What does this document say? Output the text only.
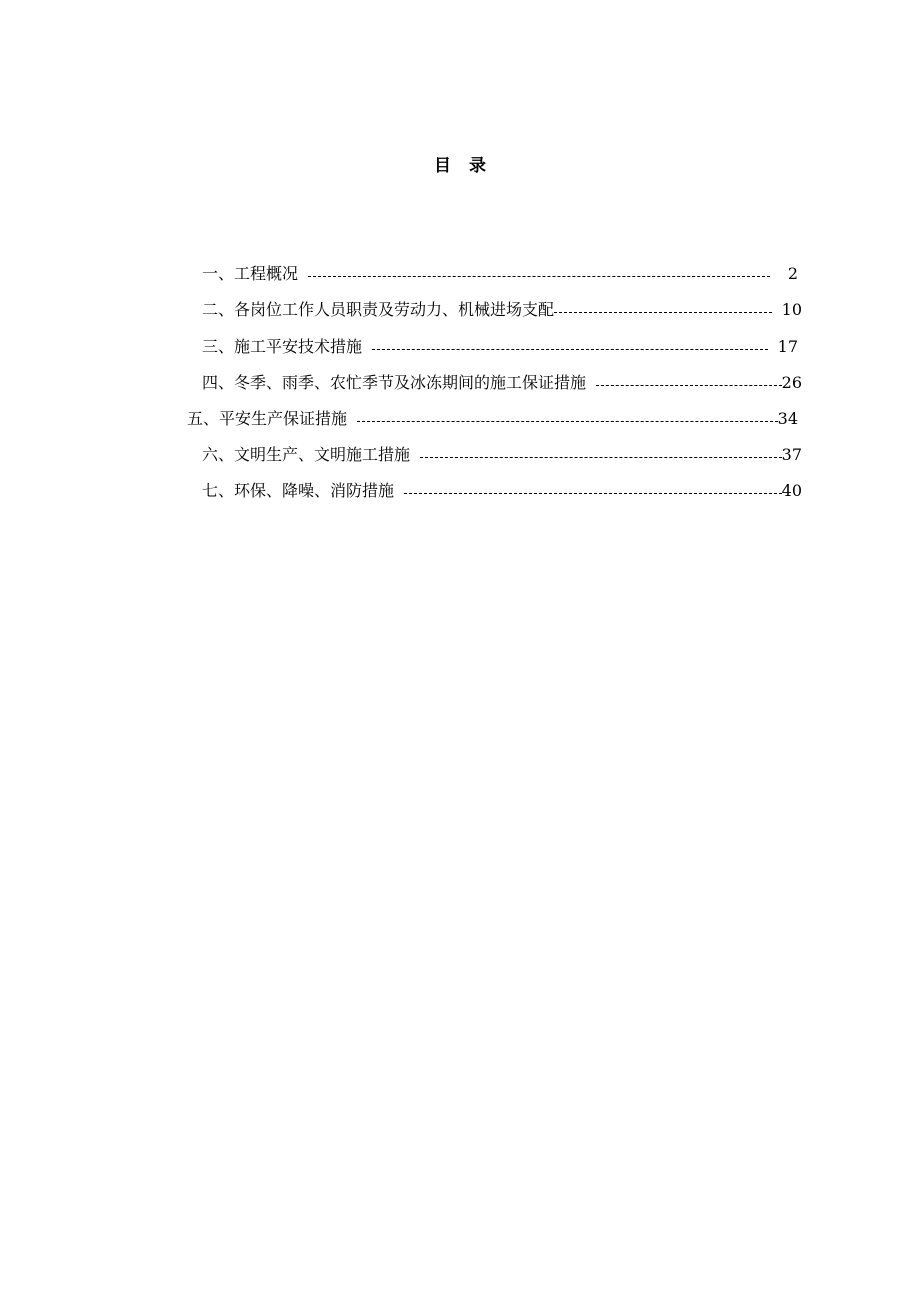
目 录
一、工程概况	2
二、各岗位工作人员职责及劳动力、机械进场支配	10
三、施工平安技术措施	17
四、冬季、雨季、农忙季节及冰冻期间的施工保证措施	26
五、平安生产保证措施	34
六、文明生产、文明施工措施	37
七、环保、降噪、消防措施	40
